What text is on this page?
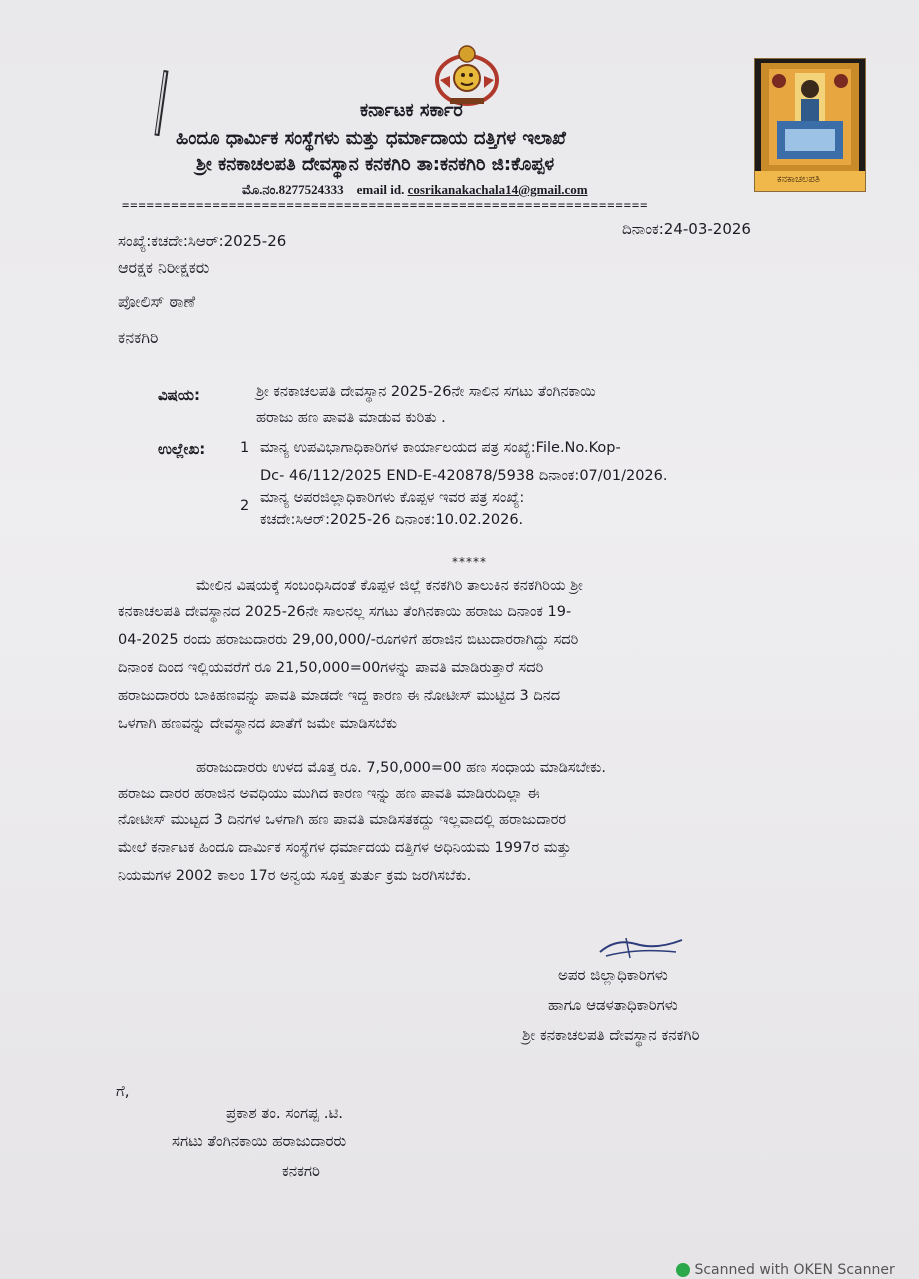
ಕನಕಾಚಲಪತಿ
ಕರ್ನಾಟಕ ಸರ್ಕಾರ
ಹಿಂದೂ ಧಾರ್ಮಿಕ ಸಂಸ್ಥೆಗಳು ಮತ್ತು ಧರ್ಮಾದಾಯ ದತ್ತಿಗಳ ಇಲಾಖೆ
ಶ್ರೀ ಕನಕಾಚಲಪತಿ ದೇವಸ್ಥಾನ ಕನಕಗಿರಿ ತಾ:ಕನಕಗಿರಿ ಜಿ:ಕೊಪ್ಪಳ
ಮೊ.ನಂ.8277524333 email id. cosrikanakachala14@gmail.com
================================================================
ಸಂಖ್ಯೆ:ಕಚದೇ:ಸಿಆರ್:2025-26
ದಿನಾಂಕ:24-03-2026
ಆರಕ್ಷಕ ನಿರೀಕ್ಷಕರು
ಪೋಲಿಸ್ ಠಾಣೆ
ಕನಕಗಿರಿ
ವಿಷಯ:	ಶ್ರೀ ಕನಕಾಚಲಪತಿ ದೇವಸ್ಥಾನ 2025-26ನೇ ಸಾಲಿನ ಸಗಟು ತೆಂಗಿನಕಾಯಿ
ಹರಾಜು ಹಣ ಪಾವತಿ ಮಾಡುವ ಕುರಿತು .
ಉಲ್ಲೇಖ: 1 ಮಾನ್ಯ ಉಪವಿಭಾಗಾಧಿಕಾರಿಗಳ ಕಾರ್ಯಾಲಯದ ಪತ್ರ ಸಂಖ್ಯೆ:File.No.Kop-
Dc- 46/112/2025 END-E-420878/5938 ದಿನಾಂಕ:07/01/2026.
2 ಮಾನ್ಯ ಅಪರಜಿಲ್ಲಾಧಿಕಾರಿಗಳು ಕೊಪ್ಪಳ ಇವರ ಪತ್ರ ಸಂಖ್ಯೆ:
ಕಚದೇ:ಸಿಆರ್:2025-26 ದಿನಾಂಕ:10.02.2026.
*****
ಮೇಲಿನ ವಿಷಯಕ್ಕೆ ಸಂಬಂಧಿಸಿದಂತೆ ಕೊಪ್ಪಳ ಜಿಲ್ಲೆ ಕನಕಗಿರಿ ತಾಲುಕಿನ ಕನಕಗಿರಿಯ ಶ್ರೀ
ಕನಕಾಚಲಪತಿ ದೇವಸ್ಥಾನದ 2025-26ನೇ ಸಾಲನಲ್ಲ ಸಗಟು ತೆಂಗಿನಕಾಯಿ ಹರಾಜು ದಿನಾಂಕ 19-
04-2025 ರಂದು ಹರಾಜುದಾರರು 29,00,000/-ರೂಗಳಿಗೆ ಹರಾಜಿನ ಬಿಟುದಾರರಾಗಿದ್ದು ಸದರಿ
ದಿನಾಂಕ ದಿಂದ ಇಲ್ಲಿಯವರೆಗೆ ರೂ 21,50,000=00ಗಳನ್ನು ಪಾವತಿ ಮಾಡಿರುತ್ತಾರೆ ಸದರಿ
ಹರಾಜುದಾರರು ಬಾಕಿಹಣವನ್ನು ಪಾವತಿ ಮಾಡದೇ ಇದ್ದ ಕಾರಣ ಈ ನೋಟೀಸ್ ಮುಟ್ಟಿದ 3 ದಿನದ
ಒಳಗಾಗಿ ಹಣವನ್ನು ದೇವಸ್ಥಾನದ ಖಾತೆಗೆ ಜಮೇ ಮಾಡಿಸಬೆಕು
ಹರಾಜುದಾರರು ಉಳದ ಮೊತ್ತ ರೂ. 7,50,000=00 ಹಣ ಸಂಧಾಯ ಮಾಡಿಸಬೇಕು.
ಹರಾಜು ದಾರರ ಹರಾಜಿನ ಅವಧಿಯು ಮುಗಿದ ಕಾರಣ ಇನ್ನು ಹಣ ಪಾವತಿ ಮಾಡಿರುದಿಲ್ಲಾ ಈ
ನೋಟೀಸ್ ಮುಟ್ಟದ 3 ದಿನಗಳ ಒಳಗಾಗಿ ಹಣ ಪಾವತಿ ಮಾಡಿಸತಕದ್ದು ಇಲ್ಲವಾದಲ್ಲಿ ಹರಾಜುದಾರರ
ಮೇಲೆ ಕರ್ನಾಟಕ ಹಿಂದೂ ದಾರ್ಮಿಕ ಸಂಸ್ಥೆಗಳ ಧರ್ಮಾದಯ ದತ್ತಿಗಳ ಅಧಿನಿಯಮ 1997ರ ಮತ್ತು
ನಿಯಮಗಳ 2002 ಕಾಲಂ 17ರ ಅನ್ವಯ ಸೂಕ್ತ ತುರ್ತು ಕ್ರಮ ಜರಗಿಸಬೆಕು.
ಅಪರ ಜಿಲ್ಲಾಧಿಕಾರಿಗಳು
ಹಾಗೂ ಆಡಳತಾಧಿಕಾರಿಗಳು
ಶ್ರೀ ಕನಕಾಚಲಪತಿ ದೇವಸ್ಥಾನ ಕನಕಗಿರಿ
ಗೆ,
ಪ್ರಕಾಶ ತಂ. ಸಂಗಪ್ಪ .ಟಿ.
ಸಗಟು ತೆಂಗಿನಕಾಯಿ ಹರಾಜುದಾರರು
ಕನಕಗರಿ
Scanned with OKEN Scanner
